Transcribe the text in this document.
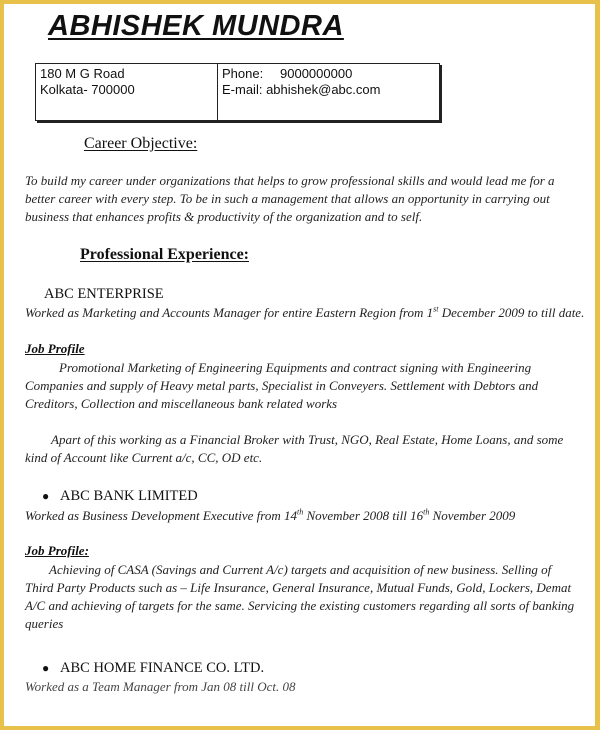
ABHISHEK MUNDRA
180 M G Road
Kolkata- 700000
Phone:	9000000000
E-mail:
abhishek@abc.com
Career Objective:

To build my career under organizations that helps to grow professional skills and would lead me for a better career with every step. To be in such a management that allows an opportunity in carrying out business that enhances profits & productivity of the organization and to self.

Professional Experience:
ABC ENTERPRISE

Worked as Marketing and Accounts Manager for entire Eastern Region from 1st December 2009 to till date.

Job Profile

Promotional Marketing of Engineering Equipments and contract signing with Engineering Companies and supply of Heavy metal parts, Specialist in Conveyers. Settlement with Debtors and Creditors, Collection and miscellaneous bank related works

Apart of this working as a Financial Broker with Trust, NGO, Real Estate, Home Loans, and some kind of Account like Current a/c, CC, OD etc.

● ABC BANK LIMITED

Worked as Business Development Executive from 14th November 2008 till 16th November 2009

Job Profile:

Achieving of CASA (Savings and Current A/c) targets and acquisition of new business. Selling of Third Party Products such as – Life Insurance, General Insurance, Mutual Funds, Gold, Lockers, Demat A/C and achieving of targets for the same. Servicing the existing customers regarding all sorts of banking queries

● ABC HOME FINANCE CO. LTD.

Worked as a Team Manager from Jan 08 till Oct. 08
